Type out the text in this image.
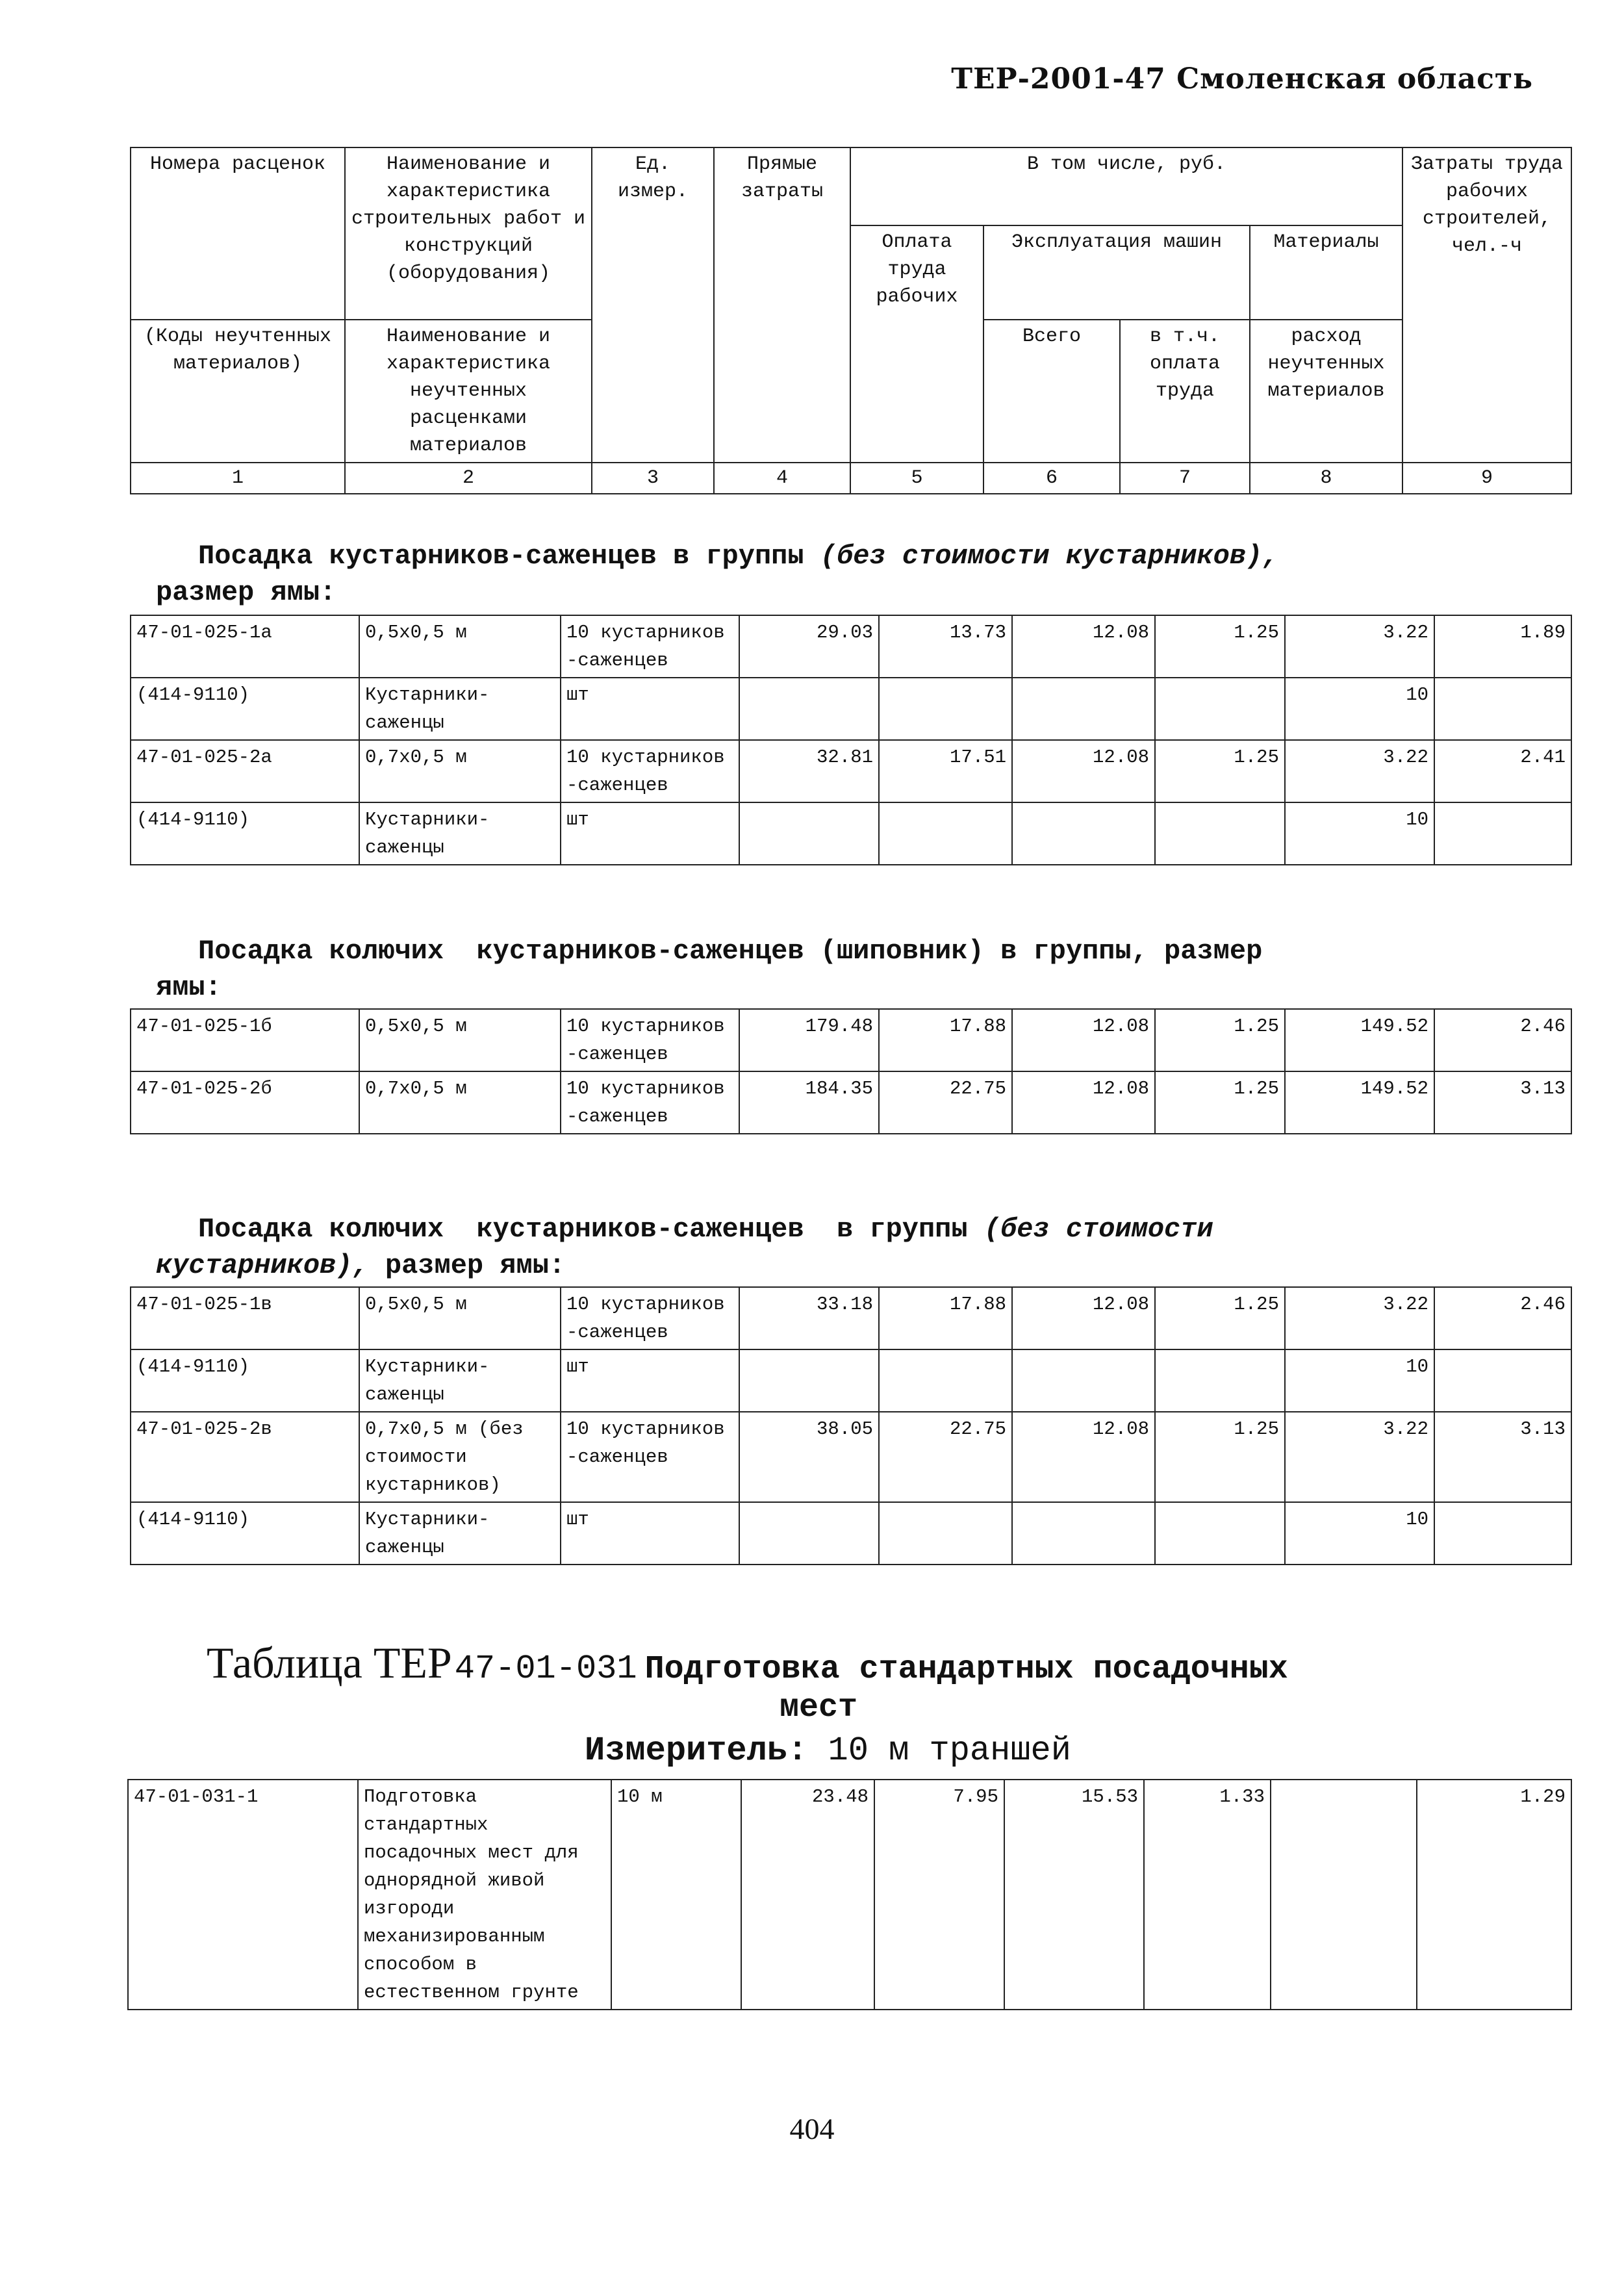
ТЕР-2001-47 Смоленская область
Номера расценок	Наименование и характеристика строительных работ и конструкций (оборудования)	Ед. измер.	Прямые затраты	В том числе, руб.				Затраты труда рабочих строителей, чел.-ч
				Оплата труда рабочих	Эксплуатация машин		Материалы	
(Коды неучтенных материалов)	Наименование и характеристика неучтенных расценками материалов				Всего	в т.ч. оплата труда	расход неучтенных материалов	
1	2	3	4	5	6	7	8	9
Посадка кустарников-саженцев в группы (без стоимости кустарников),
размер ямы:
47-01-025-1а	0,5х0,5 м	10 кустарников -саженцев	29.03	13.73	12.08	1.25	3.22	1.89
(414-9110)	Кустарники-саженцы	шт					10	
47-01-025-2а	0,7х0,5 м	10 кустарников -саженцев	32.81	17.51	12.08	1.25	3.22	2.41
(414-9110)	Кустарники-саженцы	шт					10	
Посадка колючих  кустарников-саженцев (шиповник) в группы, размер
ямы:
47-01-025-1б	0,5х0,5 м	10 кустарников -саженцев	179.48	17.88	12.08	1.25	149.52	2.46
47-01-025-2б	0,7х0,5 м	10 кустарников -саженцев	184.35	22.75	12.08	1.25	149.52	3.13
Посадка колючих  кустарников-саженцев  в группы (без стоимости
кустарников), размер ямы:
47-01-025-1в	0,5х0,5 м	10 кустарников -саженцев	33.18	17.88	12.08	1.25	3.22	2.46
(414-9110)	Кустарники-саженцы	шт					10	
47-01-025-2в	0,7х0,5 м (без стоимости кустарников)	10 кустарников -саженцев	38.05	22.75	12.08	1.25	3.22	3.13
(414-9110)	Кустарники-саженцы	шт					10	
Таблица ТЕР 47-01-031 Подготовка стандартных посадочных
мест
Измеритель: 10 м траншей
47-01-031-1	Подготовка стандартных посадочных мест для однорядной живой изгороди механизированным способом в естественном грунте	10 м	23.48	7.95	15.53	1.33		1.29
404
